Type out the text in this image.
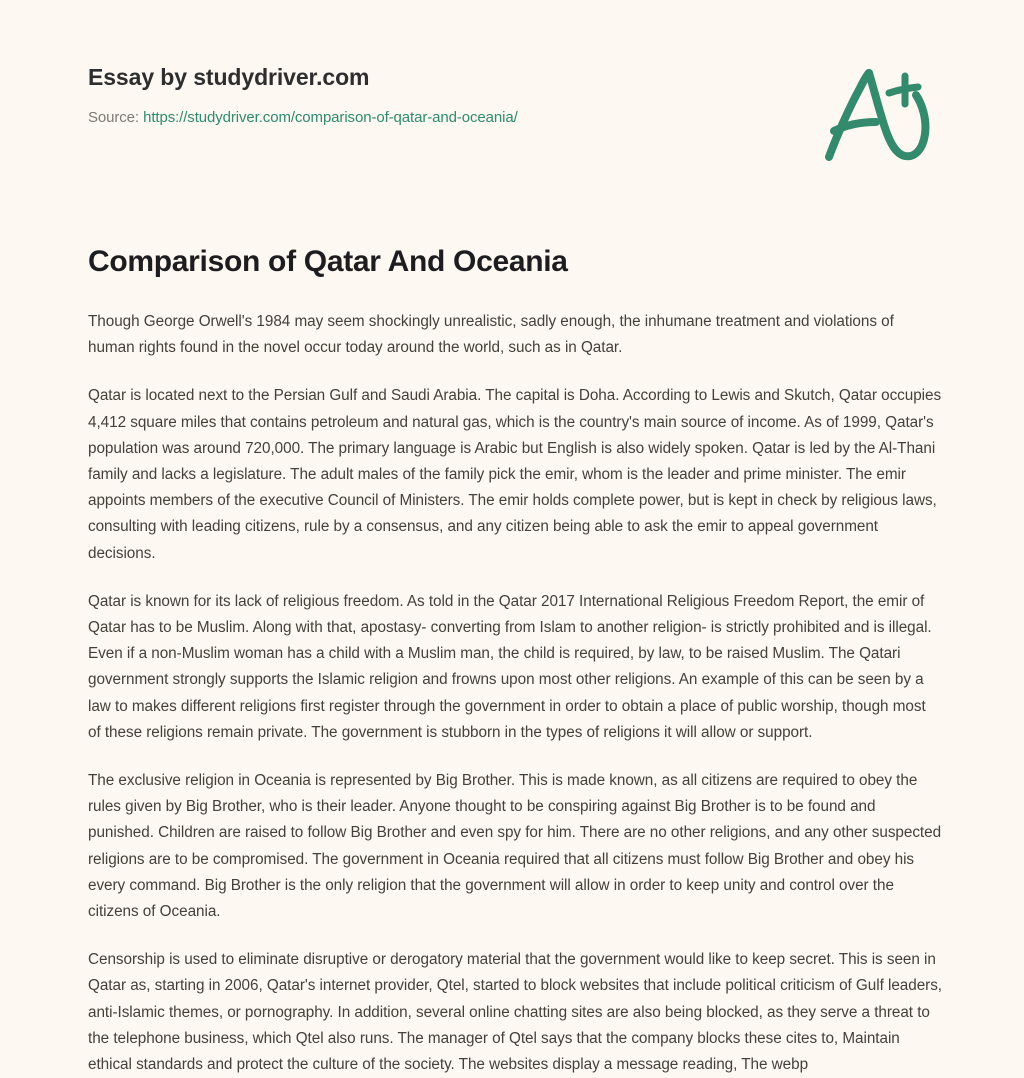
Essay by studydriver.com

Source: https://studydriver.com/comparison-of-qatar-and-oceania/

Comparison of Qatar And Oceania

Though George Orwell's 1984 may seem shockingly unrealistic, sadly enough, the inhumane treatment and violations of human rights found in the novel occur today around the world, such as in Qatar.

Qatar is located next to the Persian Gulf and Saudi Arabia. The capital is Doha. According to Lewis and Skutch, Qatar occupies 4,412 square miles that contains petroleum and natural gas, which is the country's main source of income. As of 1999, Qatar's population was around 720,000. The primary language is Arabic but English is also widely spoken. Qatar is led by the Al-Thani family and lacks a legislature. The adult males of the family pick the emir, whom is the leader and prime minister. The emir appoints members of the executive Council of Ministers. The emir holds complete power, but is kept in check by religious laws, consulting with leading citizens, rule by a consensus, and any citizen being able to ask the emir to appeal government decisions.

Qatar is known for its lack of religious freedom. As told in the Qatar 2017 International Religious Freedom Report, the emir of Qatar has to be Muslim. Along with that, apostasy- converting from Islam to another religion- is strictly prohibited and is illegal. Even if a non-Muslim woman has a child with a Muslim man, the child is required, by law, to be raised Muslim. The Qatari government strongly supports the Islamic religion and frowns upon most other religions. An example of this can be seen by a law to makes different religions first register through the government in order to obtain a place of public worship, though most of these religions remain private. The government is stubborn in the types of religions it will allow or support.

The exclusive religion in Oceania is represented by Big Brother. This is made known, as all citizens are required to obey the rules given by Big Brother, who is their leader. Anyone thought to be conspiring against Big Brother is to be found and punished. Children are raised to follow Big Brother and even spy for him. There are no other religions, and any other suspected religions are to be compromised. The government in Oceania required that all citizens must follow Big Brother and obey his every command. Big Brother is the only religion that the government will allow in order to keep unity and control over the citizens of Oceania.

Censorship is used to eliminate disruptive or derogatory material that the government would like to keep secret. This is seen in Qatar as, starting in 2006, Qatar's internet provider, Qtel, started to block websites that include political criticism of Gulf leaders, anti-Islamic themes, or pornography. In addition, several online chatting sites are also being blocked, as they serve a threat to the telephone business, which Qtel also runs. The manager of Qtel says that the company blocks these cites to, Maintain ethical standards and protect the culture of the society. The websites display a message reading, The webp
